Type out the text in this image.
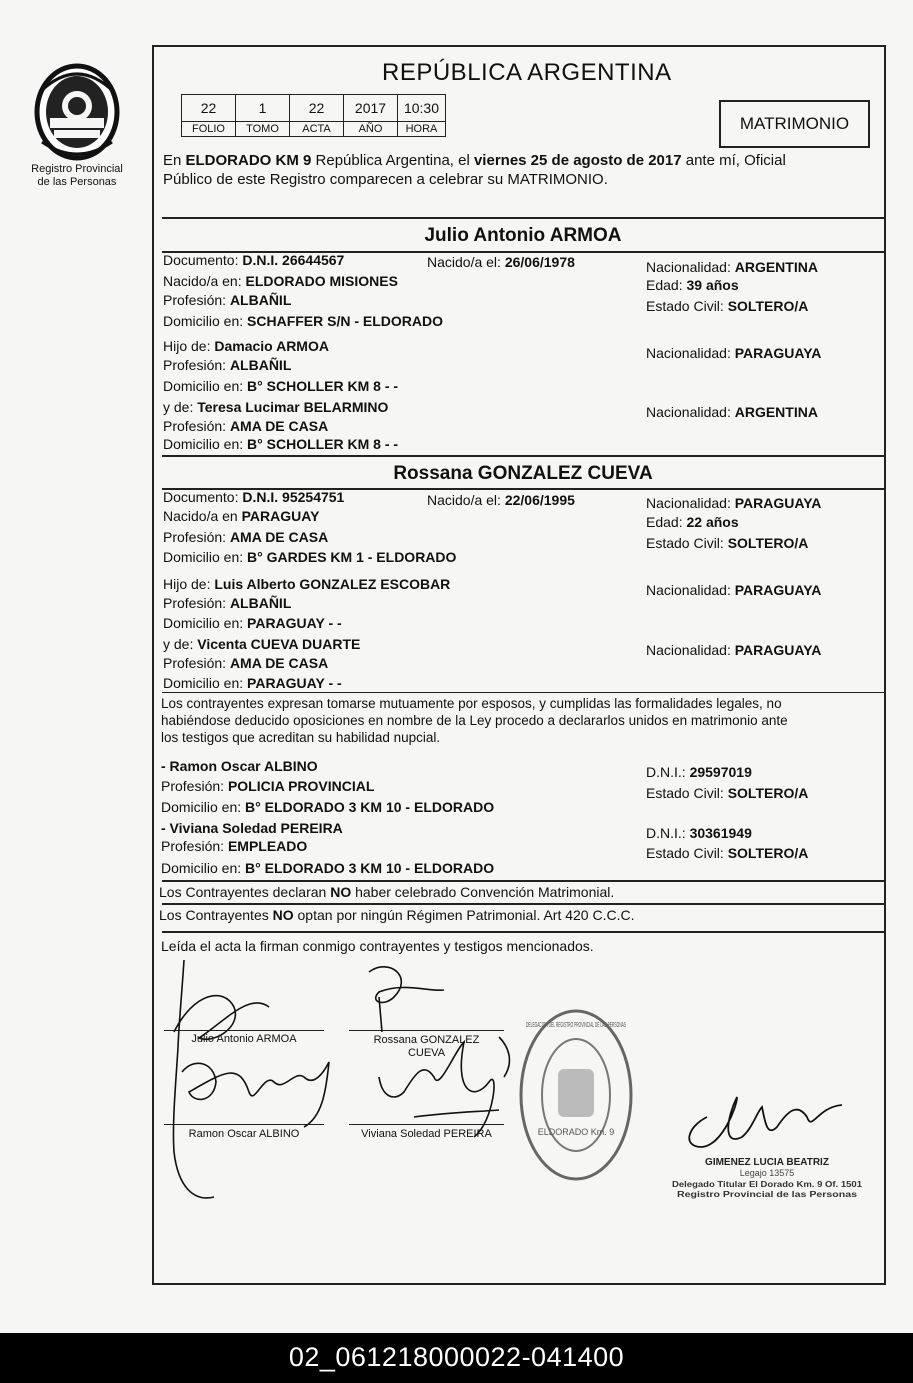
Registro Provincial
de las Personas
REPÚBLICA ARGENTINA
22	1	22	2017	10:30
FOLIO	TOMO	ACTA	AÑO	HORA	MATRIMONIO
En ELDORADO KM 9 República Argentina, el viernes 25 de agosto de 2017 ante mí, Oficial
Público de este Registro comparecen a celebrar su MATRIMONIO.
Julio Antonio ARMOA
Documento: D.N.I. 26644567	Nacido/a el: 26/06/1978	Nacionalidad: ARGENTINA
Nacido/a en: ELDORADO MISIONES	Edad: 39 años
Profesión: ALBAÑIL	Estado Civil: SOLTERO/A
Domicilio en: SCHAFFER S/N - ELDORADO
Hijo de: Damacio ARMOA	Nacionalidad: PARAGUAYA
Profesión: ALBAÑIL
Domicilio en: B° SCHOLLER KM 8 - -
y de: Teresa Lucimar BELARMINO	Nacionalidad: ARGENTINA
Profesión: AMA DE CASA
Domicilio en: B° SCHOLLER KM 8 - -
Rossana GONZALEZ CUEVA
Documento: D.N.I. 95254751	Nacido/a el: 22/06/1995	Nacionalidad: PARAGUAYA
Nacido/a en PARAGUAY	Edad: 22 años
Profesión: AMA DE CASA	Estado Civil: SOLTERO/A
Domicilio en: B° GARDES KM 1 - ELDORADO
Hijo de: Luis Alberto GONZALEZ ESCOBAR	Nacionalidad: PARAGUAYA
Profesión: ALBAÑIL
Domicilio en: PARAGUAY - -
y de: Vicenta CUEVA DUARTE	Nacionalidad: PARAGUAYA
Profesión: AMA DE CASA
Domicilio en: PARAGUAY - -
Los contrayentes expresan tomarse mutuamente por esposos, y cumplidas las formalidades legales, no
habiéndose deducido oposiciones en nombre de la Ley procedo a declararlos unidos en matrimonio ante
los testigos que acreditan su habilidad nupcial.
- Ramon Oscar ALBINO	D.N.I.: 29597019
Profesión: POLICIA PROVINCIAL	Estado Civil: SOLTERO/A
Domicilio en: B° ELDORADO 3 KM 10 - ELDORADO
- Viviana Soledad PEREIRA	D.N.I.: 30361949
Profesión: EMPLEADO	Estado Civil: SOLTERO/A
Domicilio en: B° ELDORADO 3 KM 10 - ELDORADO
Los Contrayentes declaran NO haber celebrado Convención Matrimonial.
Los Contrayentes NO optan por ningún Régimen Patrimonial. Art 420 C.C.C.
Leída el acta la firman conmigo contrayentes y testigos mencionados.
Julio Antonio ARMOA	Rossana GONZALEZ
CUEVA
Ramon Oscar ALBINO	Viviana Soledad PEREIRA	ELDORADO Km. 9
DELEGACION DEL REGISTRO PROVINCIAL DE LAS PERSONAS
GIMENEZ LUCIA BEATRIZ
Legajo 13575
Delegado Titular El Dorado Km. 9 Of. 1501
Registro Provincial de las Personas
02_061218000022-041400
